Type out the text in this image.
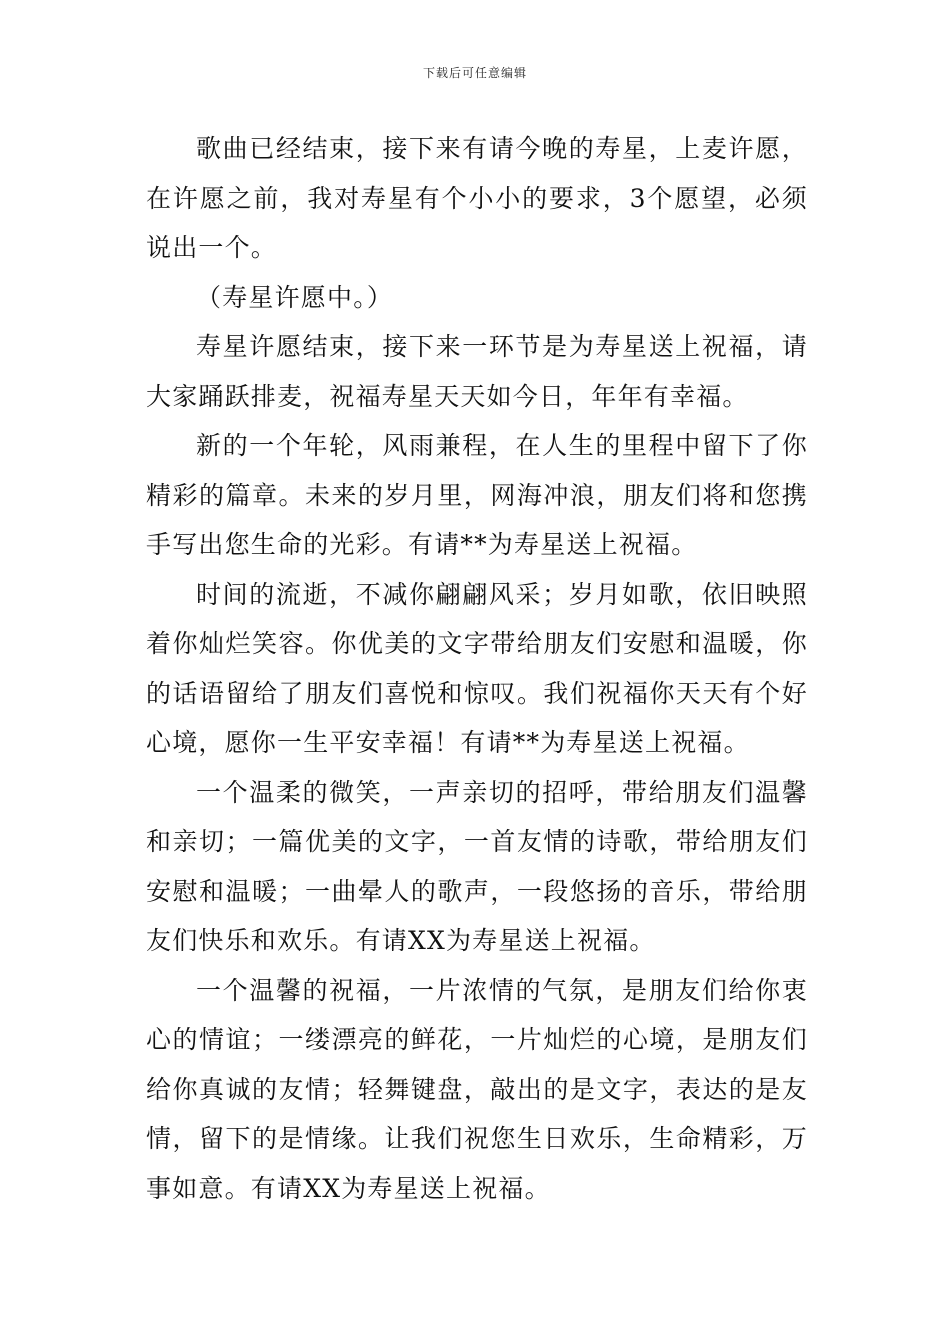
下载后可任意编辑

歌曲已经结束，接下来有请今晚的寿星，上麦许愿，在许愿之前，我对寿星有个小小的要求，3个愿望，必须说出一个。

（寿星许愿中。）

寿星许愿结束，接下来一环节是为寿星送上祝福，请大家踊跃排麦，祝福寿星天天如今日，年年有幸福。

新的一个年轮，风雨兼程，在人生的里程中留下了你精彩的篇章。未来的岁月里，网海冲浪，朋友们将和您携手写出您生命的光彩。有请**为寿星送上祝福。

时间的流逝，不减你翩翩风采；岁月如歌，依旧映照着你灿烂笑容。你优美的文字带给朋友们安慰和温暖，你的话语留给了朋友们喜悦和惊叹。我们祝福你天天有个好心境，愿你一生平安幸福！有请**为寿星送上祝福。

一个温柔的微笑，一声亲切的招呼，带给朋友们温馨和亲切；一篇优美的文字，一首友情的诗歌，带给朋友们安慰和温暖；一曲晕人的歌声，一段悠扬的音乐，带给朋友们快乐和欢乐。有请XX为寿星送上祝福。

一个温馨的祝福，一片浓情的气氛，是朋友们给你衷心的情谊；一缕漂亮的鲜花，一片灿烂的心境，是朋友们给你真诚的友情；轻舞键盘，敲出的是文字，表达的是友情，留下的是情缘。让我们祝您生日欢乐，生命精彩，万事如意。有请XX为寿星送上祝福。
